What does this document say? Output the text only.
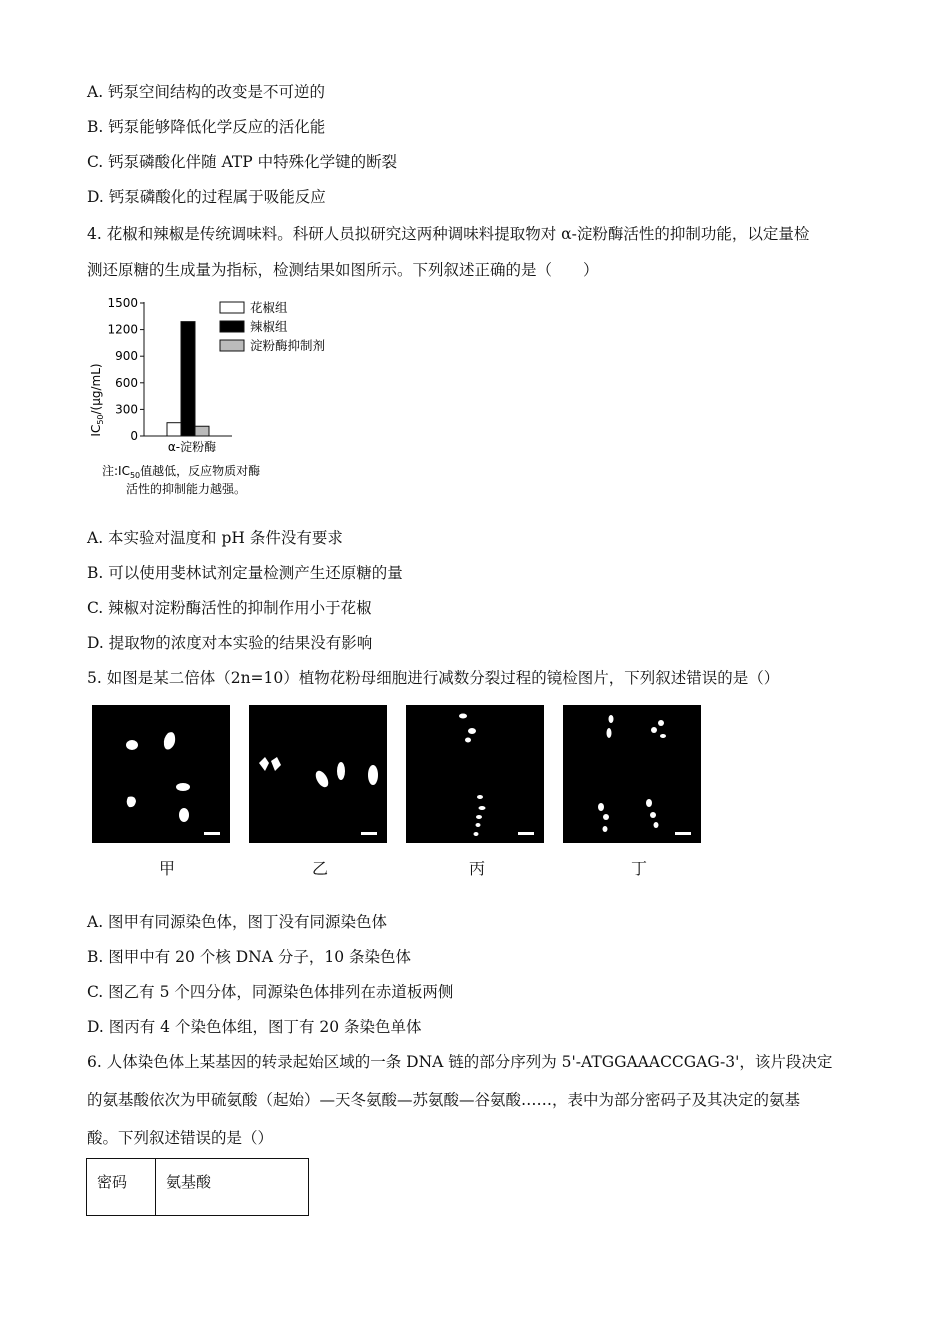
A. 钙泵空间结构的改变是不可逆的
B. 钙泵能够降低化学反应的活化能
C. 钙泵磷酸化伴随 ATP 中特殊化学键的断裂
D. 钙泵磷酸化的过程属于吸能反应
4. 花椒和辣椒是传统调味料。科研人员拟研究这两种调味料提取物对 α-淀粉酶活性的抑制功能，以定量检
测还原糖的生成量为指标，检测结果如图所示。下列叙述正确的是（　　）
$IC_{50}/(\mu g/mL)$
1500
1200
900
600
300
0
α-淀粉酶
花椒组
辣椒组
淀粉酶抑制剂
注$:IC_{50}$值越低，反应物质对酶
活性的抑制能力越强。
A. 本实验对温度和 pH 条件没有要求
B. 可以使用斐林试剂定量检测产生还原糖的量
C. 辣椒对淀粉酶活性的抑制作用小于花椒
D. 提取物的浓度对本实验的结果没有影响
5. 如图是某二倍体（2n=10）植物花粉母细胞进行减数分裂过程的镜检图片，下列叙述错误的是（）
甲	乙	丙	丁
A. 图甲有同源染色体，图丁没有同源染色体
B. 图甲中有 20 个核 DNA 分子，10 条染色体
C. 图乙有 5 个四分体，同源染色体排列在赤道板两侧
D. 图丙有 4 个染色体组，图丁有 20 条染色单体
6. 人体染色体上某基因的转录起始区域的一条 DNA 链的部分序列为 5'-ATGGAAACCGAG-3'，该片段决定
的氨基酸依次为甲硫氨酸（起始）—天冬氨酸—苏氨酸—谷氨酸……，表中为部分密码子及其决定的氨基
酸。下列叙述错误的是（）
密码	氨基酸
